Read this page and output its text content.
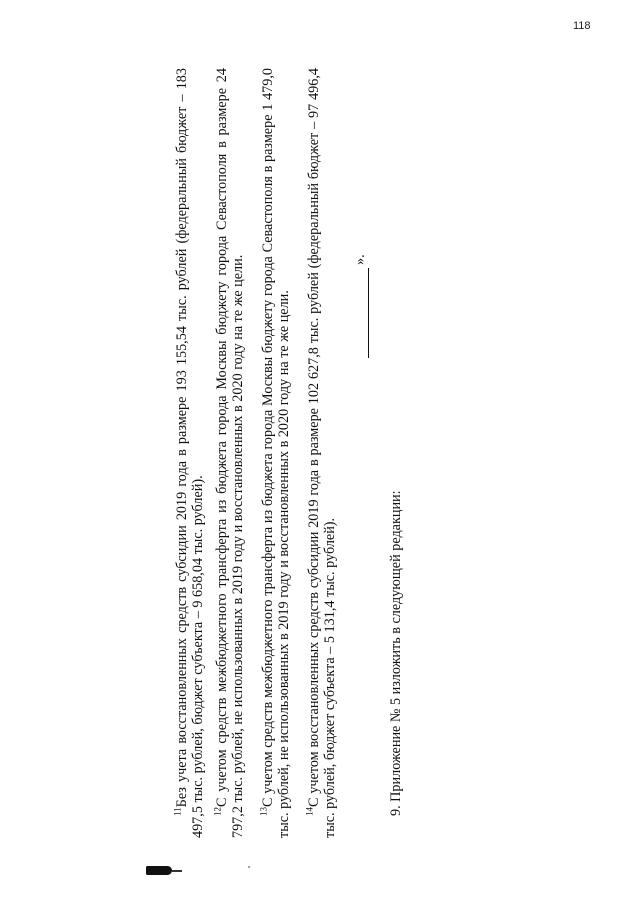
118

$^{11}$Без учета восстановленных средств субсидии 2019 года в размере 193 155,54 тыс. рублей (федеральный бюджет – 183 497,5 тыс. рублей, бюджет субъекта – 9 658,04 тыс. рублей). $^{12}$С учетом средств межбюджетного трансферта из бюджета города Москвы бюджету города Севастополя в размере 24 797,2 тыс. рублей, не использованных в 2019 году и восстановленных в 2020 году на те же цели. $^{13}$С учетом средств межбюджетного трансферта из бюджета города Москвы бюджету города Севастополя в размере 1 479,0 тыс. рублей, не использованных в 2019 году и восстановленных в 2020 году на те же цели. $^{14}$С учетом восстановленных средств субсидии 2019 года в размере 102 627,8 тыс. рублей (федеральный бюджет – 97 496,4 тыс. рублей, бюджет субъекта – 5 131,4 тыс. рублей).

».

9. Приложение № 5 изложить в следующей редакции:
